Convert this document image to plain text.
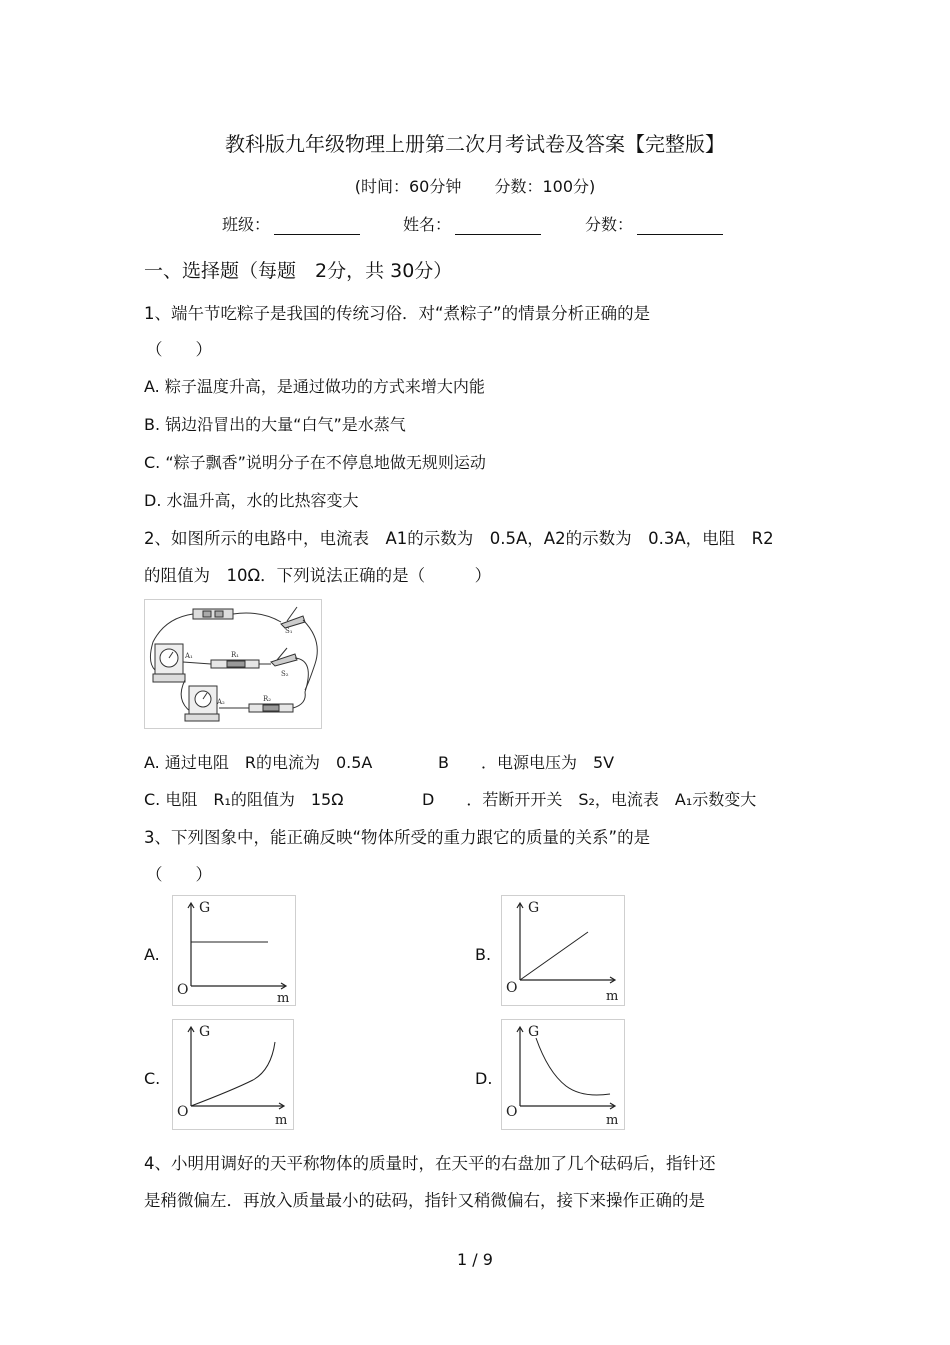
教科版九年级物理上册第二次月考试卷及答案【完整版】
(时间：60分钟 分数：100分)
班级：	姓名：	分数：
一、选择题（每题　2分，共 30分）
1、端午节吃粽子是我国的传统习俗．对“煮粽子”的情景分析正确的是
（　　）
A. 粽子温度升高，是通过做功的方式来增大内能
B. 锅边沿冒出的大量“白气”是水蒸气
C. “粽子飘香”说明分子在不停息地做无规则运动
D. 水温升高，水的比热容变大
2、如图所示的电路中，电流表　A1的示数为　0.5A，A2的示数为　0.3A，电阻　R2
的阻值为　10Ω．下列说法正确的是（　　　）
S₁
A₁	R₁
S₂
A₂	R₂
A. 通过电阻　R的电流为　0.5A	B　　．电源电压为　5V
C. 电阻　R₁的阻值为　15Ω	D　　．若断开开关　S₂，电流表　A₁示数变大
3、下列图象中，能正确反映“物体所受的重力跟它的质量的关系”的是
（　　）
A.	B.
C.	D.
G
O
m
G
O
m
G
O
m
G
O
m
4、小明用调好的天平称物体的质量时，在天平的右盘加了几个砝码后，指针还
是稍微偏左．再放入质量最小的砝码，指针又稍微偏右，接下来操作正确的是
1 / 9
